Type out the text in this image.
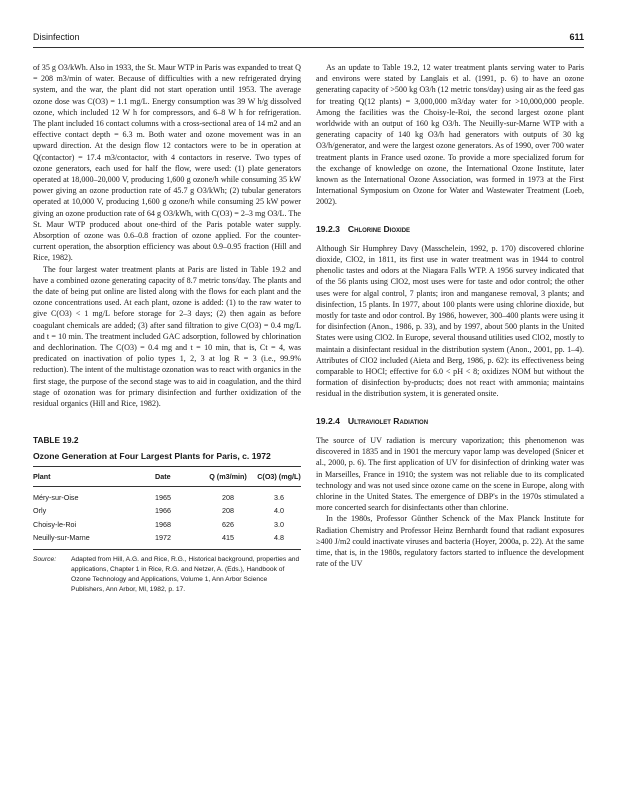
Disinfection	611

of 35 g O3/kWh. Also in 1933, the St. Maur WTP in Paris was expanded to treat Q = 208 m3/min of water. Because of difficulties with a new refrigerated drying system, and the war, the plant did not start operation until 1953. The average ozone dose was C(O3) = 1.1 mg/L. Energy consumption was 39 W h/g dissolved ozone, which included 12 W h for compressors, and 6–8 W h for refrigeration. The plant included 16 contact columns with a cross-sectional area of 14 m2 and an effective contact depth = 6.3 m. Both water and ozone movement was in an upward direction. At the design flow 12 contactors were to be in operation at Q(contactor) = 17.4 m3/contactor, with 4 contactors in reserve. Two types of ozone generators, each used for half the flow, were used: (1) plate generators operated at 18,000–20,000 V, producing 1,600 g ozone/h while consuming 35 kW power giving an ozone production rate of 45.7 g O3/kWh; (2) tubular generators operated at 10,000 V, producing 1,600 g ozone/h while consuming 25 kW power giving an ozone production rate of 64 g O3/kWh, with C(O3) = 2–3 mg O3/L. The St. Maur WTP produced about one-third of the Paris potable water supply. Absorption of ozone was 0.6–0.8 fraction of ozone applied. For the counter-current operation, the absorption efficiency was about 0.9–0.95 fraction (Hill and Rice, 1982).

The four largest water treatment plants at Paris are listed in Table 19.2 and have a combined ozone generating capacity of 8.7 metric tons/day. The plants and the date of being put online are listed along with the flows for each plant and the ozone concentrations used. At each plant, ozone is added: (1) to the raw water to give C(O3) < 1 mg/L before storage for 2–3 days; (2) then again as before coagulant chemicals are added; (3) after sand filtration to give C(O3) = 0.4 mg/L and t = 10 min. The treatment included GAC adsorption, followed by chlorination and dechlorination. The C(O3) = 0.4 mg and t = 10 min, that is, Ct = 4, was predicated on inactivation of polio types 1, 2, 3 at log R = 3 (i.e., 99.9% reduction). The intent of the multistage ozonation was to react with organics in the first stage, the purpose of the second stage was to aid in coagulation, and the third stage of ozonation was for primary disinfection and further oxidization of the residual organics (Hill and Rice, 1982).

TABLE 19.2
Ozone Generation at Four Largest Plants for Paris, c. 1972
Plant	Date	Q (m3/min)	C(O3) (mg/L)
Méry-sur-Oise	1965	208	3.6
Orly	1966	208	4.0
Choisy-le-Roi	1968	626	3.0
Neuilly-sur-Marne	1972	415	4.8
Source:	Adapted from Hill, A.G. and Rice, R.G., Historical background, properties and applications, Chapter 1 in Rice, R.G. and Netzer, A. (Eds.), Handbook of Ozone Technology and Applications, Volume 1, Ann Arbor Science Publishers, Ann Arbor, MI, 1982, p. 17.

As an update to Table 19.2, 12 water treatment plants serving water to Paris and environs were stated by Langlais et al. (1991, p. 6) to have an ozone generating capacity of >500 kg O3/h (12 metric tons/day) using air as the feed gas for treating Q(12 plants) = 3,000,000 m3/day water for >10,000,000 people. Among the facilities was the Choisy-le-Roi, the second largest ozone plant worldwide with an output of 160 kg O3/h. The Neuilly-sur-Marne WTP with a generating capacity of 140 kg O3/h had generators with outputs of 30 kg O3/h/generator, and were the largest ozone generators. As of 1990, over 700 water treatment plants in France used ozone. To provide a more specialized forum for the exchange of knowledge on ozone, the International Ozone Institute, later known as the International Ozone Association, was formed in 1973 at the First International Symposium on Ozone for Water and Wastewater Treatment (Loeb, 2002).

19.2.3 Chlorine Dioxide

Although Sir Humphrey Davy (Masschelein, 1992, p. 170) discovered chlorine dioxide, ClO2, in 1811, its first use in water treatment was in 1944 to control phenolic tastes and odors at the Niagara Falls WTP. A 1956 survey indicated that of the 56 plants using ClO2, most uses were for taste and odor control; the other uses were for algal control, 7 plants; iron and manganese removal, 3 plants; and disinfection, 15 plants. In 1977, about 100 plants were using chlorine dioxide, but mostly for taste and odor control. By 1986, however, 300–400 plants were using it for disinfection (Anon., 1986, p. 33), and by 1997, about 500 plants in the United States were using ClO2. In Europe, several thousand utilities used ClO2, mostly to maintain a disinfectant residual in the distribution system (Anon., 2001, pp. 1–4). Attributes of ClO2 included (Aieta and Berg, 1986, p. 62): its effectiveness being comparable to HOCl; effective for 6.0 < pH < 8; oxidizes NOM but without the formation of disinfection by-products; does not react with ammonia; maintains residual in the distribution system, it is generated onsite.

19.2.4 Ultraviolet Radiation

The source of UV radiation is mercury vaporization; this phenomenon was discovered in 1835 and in 1901 the mercury vapor lamp was developed (Snicer et al., 2000, p. 6). The first application of UV for disinfection of drinking water was in Marseilles, France in 1910; the system was not reliable due to its complicated technology and was not used since ozone came on the scene in Europe, along with chlorine in the United States. The emergence of DBP's in the 1970s stimulated a more concerted search for disinfectants other than chlorine.

In the 1980s, Professor Günther Schenck of the Max Planck Institute for Radiation Chemistry and Professor Heinz Bernhardt found that radiant exposures ≥400 J/m2 could inactivate viruses and bacteria (Hoyer, 2000a, p. 22). At the same time, that is, in the 1980s, regulatory factors started to influence the development rate of the UV
